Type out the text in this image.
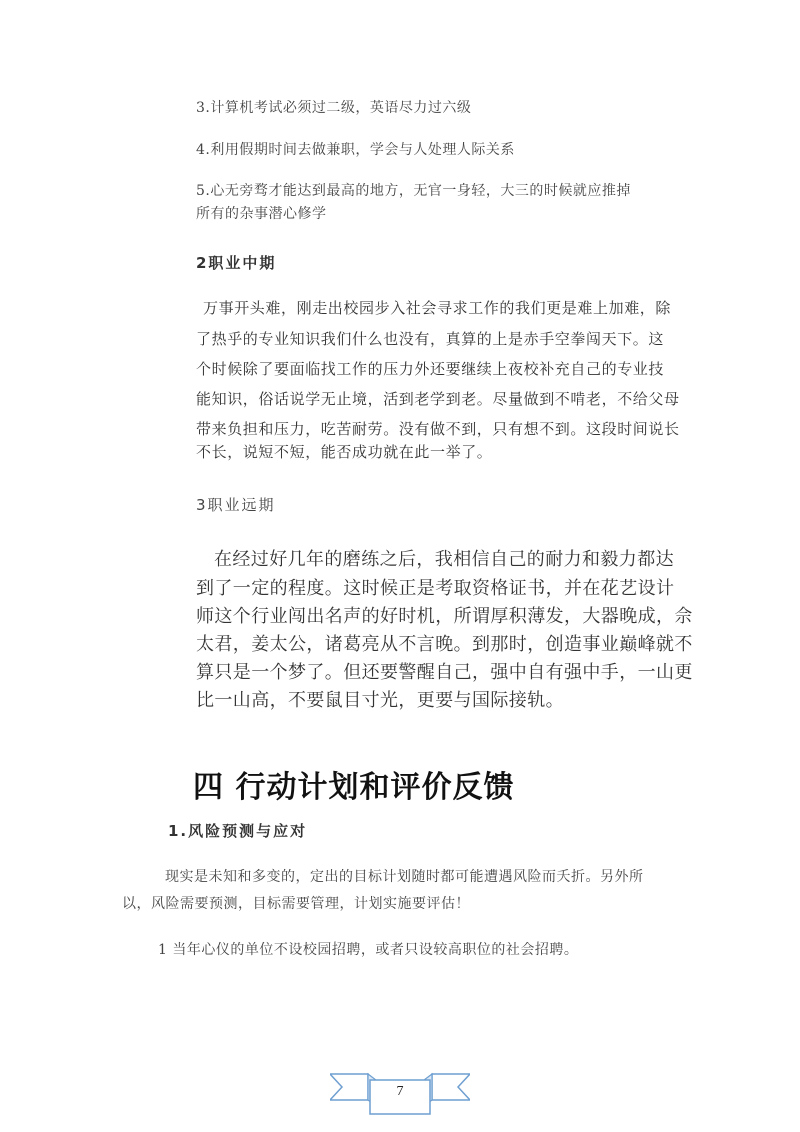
3.计算机考试必须过二级，英语尽力过六级
4.利用假期时间去做兼职，学会与人处理人际关系
5.心无旁骛才能达到最高的地方，无官一身轻，大三的时候就应推掉
所有的杂事潜心修学
2职业中期
万事开头难，刚走出校园步入社会寻求工作的我们更是难上加难，除
了热乎的专业知识我们什么也没有，真算的上是赤手空拳闯天下。这
个时候除了要面临找工作的压力外还要继续上夜校补充自己的专业技
能知识，俗话说学无止境，活到老学到老。尽量做到不啃老，不给父母
带来负担和压力，吃苦耐劳。没有做不到，只有想不到。这段时间说长
不长，说短不短，能否成功就在此一举了。
3职业远期
在经过好几年的磨练之后，我相信自己的耐力和毅力都达
到了一定的程度。这时候正是考取资格证书，并在花艺设计
师这个行业闯出名声的好时机，所谓厚积薄发，大器晚成，佘
太君，姜太公，诸葛亮从不言晚。到那时，创造事业巅峰就不
算只是一个梦了。但还要警醒自己，强中自有强中手，一山更
比一山高，不要鼠目寸光，更要与国际接轨。
四 行动计划和评价反馈
1.风险预测与应对
现实是未知和多变的，定出的目标计划随时都可能遭遇风险而夭折。另外所
以，风险需要预测，目标需要管理，计划实施要评估！
1 当年心仪的单位不设校园招聘，或者只设较高职位的社会招聘。
7
